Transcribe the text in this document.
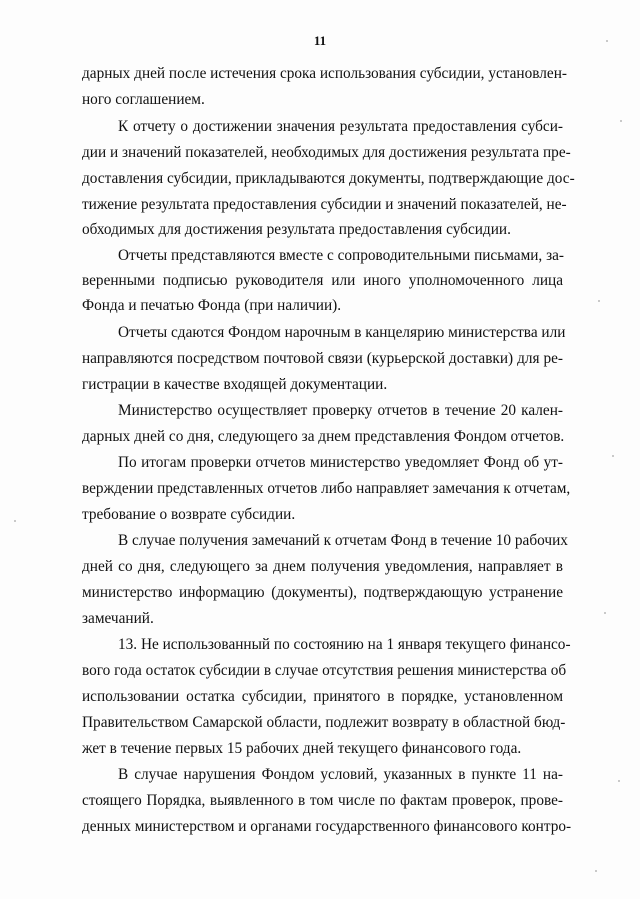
11
дарных дней после истечения срока использования субсидии, установлен-
ного соглашением.
К отчету о достижении значения результата предоставления субси-
дии и значений показателей, необходимых для достижения результата пре-
доставления субсидии, прикладываются документы, подтверждающие дос-
тижение результата предоставления субсидии и значений показателей, не-
обходимых для достижения результата предоставления субсидии.
Отчеты представляются вместе с сопроводительными письмами, за-
веренными подписью руководителя или иного уполномоченного лица
Фонда и печатью Фонда (при наличии).
Отчеты сдаются Фондом нарочным в канцелярию министерства или
направляются посредством почтовой связи (курьерской доставки) для ре-
гистрации в качестве входящей документации.
Министерство осуществляет проверку отчетов в течение 20 кален-
дарных дней со дня, следующего за днем представления Фондом отчетов.
По итогам проверки отчетов министерство уведомляет Фонд об ут-
верждении представленных отчетов либо направляет замечания к отчетам,
требование о возврате субсидии.
В случае получения замечаний к отчетам Фонд в течение 10 рабочих
дней со дня, следующего за днем получения уведомления, направляет в
министерство информацию (документы), подтверждающую устранение
замечаний.
13. Не использованный по состоянию на 1 января текущего финансо-
вого года остаток субсидии в случае отсутствия решения министерства об
использовании остатка субсидии, принятого в порядке, установленном
Правительством Самарской области, подлежит возврату в областной бюд-
жет в течение первых 15 рабочих дней текущего финансового года.
В случае нарушения Фондом условий, указанных в пункте 11 на-
стоящего Порядка, выявленного в том числе по фактам проверок, прове-
денных министерством и органами государственного финансового контро-
